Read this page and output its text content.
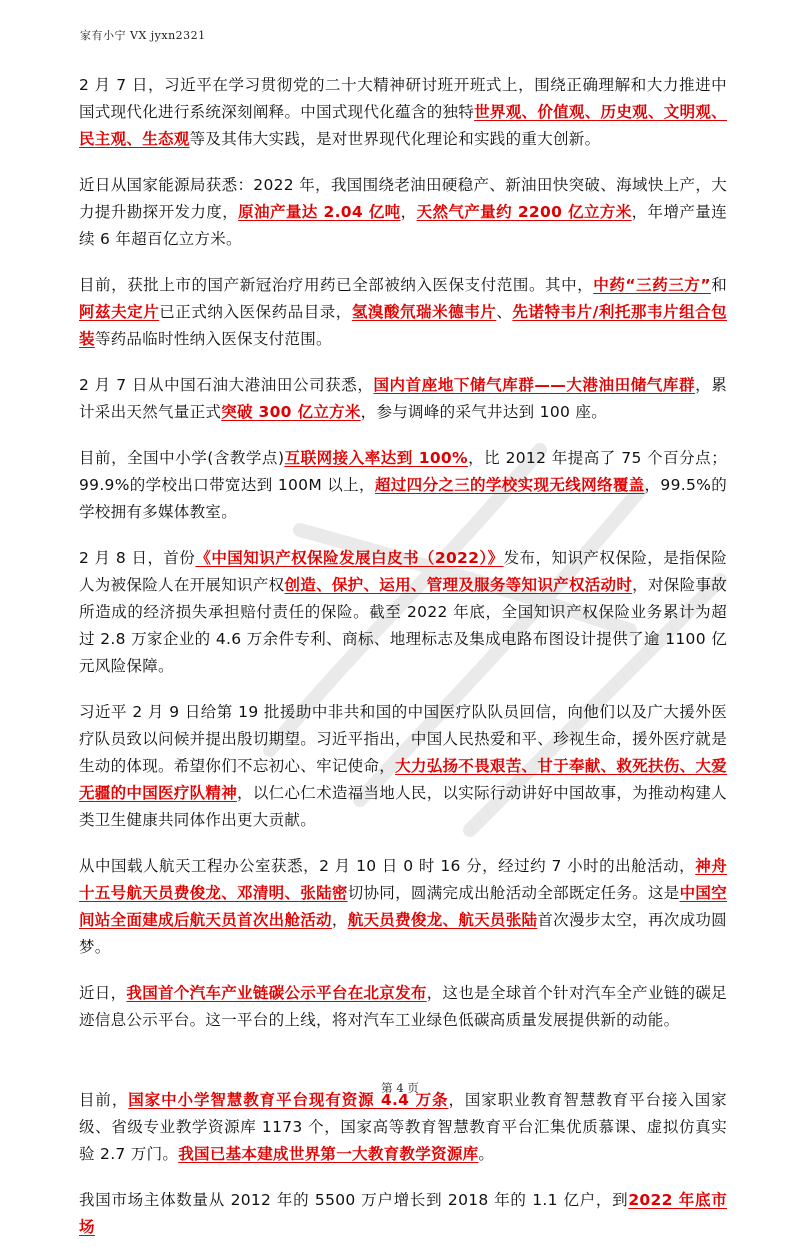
家有小宁 VX jyxn2321

2 月 7 日，习近平在学习贯彻党的二十大精神研讨班开班式上，围绕正确理解和大力推进中国式现代化进行系统深刻阐释。中国式现代化蕴含的独特世界观、价值观、历史观、文明观、民主观、生态观等及其伟大实践，是对世界现代化理论和实践的重大创新。

近日从国家能源局获悉：2022 年，我国围绕老油田硬稳产、新油田快突破、海域快上产，大力提升勘探开发力度，原油产量达 2.04 亿吨，天然气产量约 2200 亿立方米，年增产量连续 6 年超百亿立方米。

目前，获批上市的国产新冠治疗用药已全部被纳入医保支付范围。其中，中药“三药三方”和阿兹夫定片已正式纳入医保药品目录，氢溴酸氘瑞米德韦片、先诺特韦片/利托那韦片组合包装等药品临时性纳入医保支付范围。

2 月 7 日从中国石油大港油田公司获悉，国内首座地下储气库群——大港油田储气库群，累计采出天然气量正式突破 300 亿立方米，参与调峰的采气井达到 100 座。

目前，全国中小学(含教学点)互联网接入率达到 100%，比 2012 年提高了 75 个百分点；99.9%的学校出口带宽达到 100M 以上，超过四分之三的学校实现无线网络覆盖，99.5%的学校拥有多媒体教室。

2 月 8 日，首份《中国知识产权保险发展白皮书（2022）》发布，知识产权保险，是指保险人为被保险人在开展知识产权创造、保护、运用、管理及服务等知识产权活动时，对保险事故所造成的经济损失承担赔付责任的保险。截至 2022 年底，全国知识产权保险业务累计为超过 2.8 万家企业的 4.6 万余件专利、商标、地理标志及集成电路布图设计提供了逾 1100 亿元风险保障。

习近平 2 月 9 日给第 19 批援助中非共和国的中国医疗队队员回信，向他们以及广大援外医疗队员致以问候并提出殷切期望。习近平指出，中国人民热爱和平、珍视生命，援外医疗就是生动的体现。希望你们不忘初心、牢记使命，大力弘扬不畏艰苦、甘于奉献、救死扶伤、大爱无疆的中国医疗队精神，以仁心仁术造福当地人民，以实际行动讲好中国故事，为推动构建人类卫生健康共同体作出更大贡献。

从中国载人航天工程办公室获悉，2 月 10 日 0 时 16 分，经过约 7 小时的出舱活动，神舟十五号航天员费俊龙、邓清明、张陆密切协同，圆满完成出舱活动全部既定任务。这是中国空间站全面建成后航天员首次出舱活动，航天员费俊龙、航天员张陆首次漫步太空，再次成功圆梦。

近日，我国首个汽车产业链碳公示平台在北京发布，这也是全球首个针对汽车全产业链的碳足迹信息公示平台。这一平台的上线，将对汽车工业绿色低碳高质量发展提供新的动能。

目前，国家中小学智慧教育平台现有资源 4.4 万条，国家职业教育智慧教育平台接入国家级、省级专业教学资源库 1173 个，国家高等教育智慧教育平台汇集优质慕课、虚拟仿真实验 2.7 万门。我国已基本建成世界第一大教育教学资源库。

我国市场主体数量从 2012 年的 5500 万户增长到 2018 年的 1.1 亿户，到2022 年底市场

第 4 页
